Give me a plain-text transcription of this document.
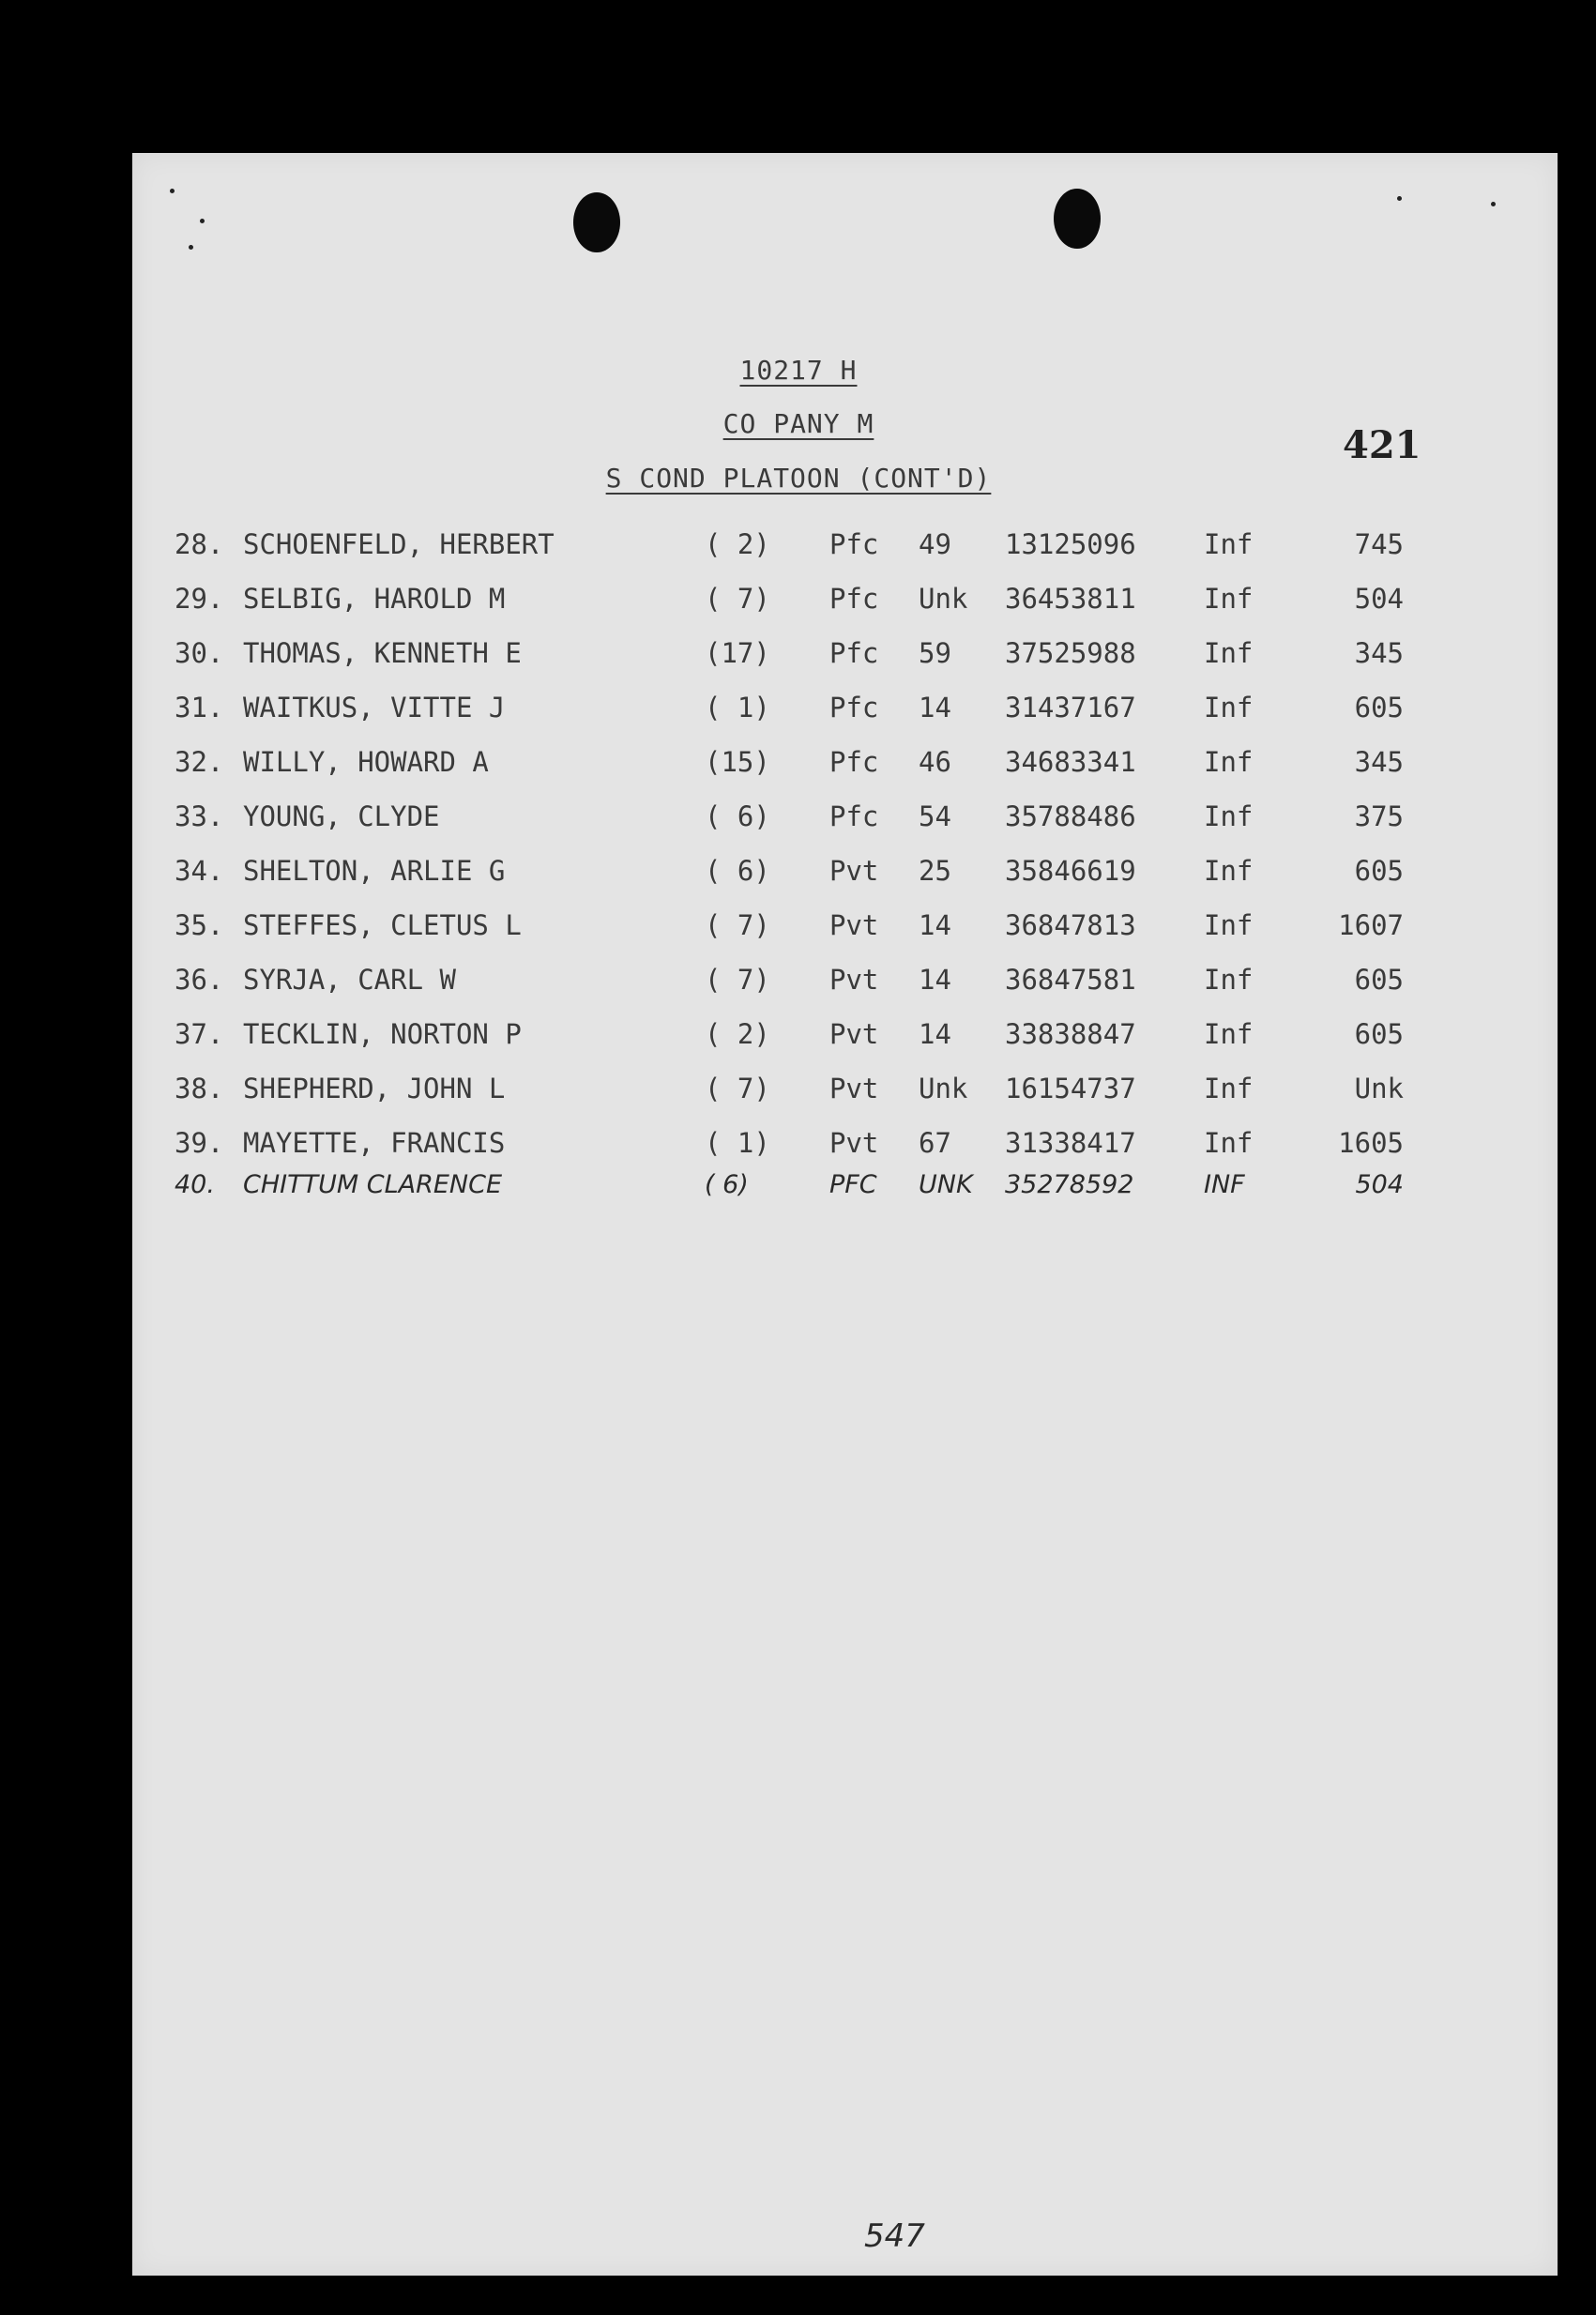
10217 H
CO PANY M
S COND PLATOON (CONT'D)
421
28. SCHOENFELD, HERBERT	( 2) Pfc 49 13125096 Inf	745
29. SELBIG, HAROLD M	( 7) Pfc Unk 36453811 Inf	504
30. THOMAS, KENNETH E	(17) Pfc 59 37525988 Inf	345
31. WAITKUS, VITTE J	( 1) Pfc 14 31437167 Inf	605
32. WILLY, HOWARD A	(15) Pfc 46 34683341 Inf	345
33. YOUNG, CLYDE	( 6) Pfc 54 35788486 Inf	375
34. SHELTON, ARLIE G	( 6) Pvt 25 35846619 Inf	605
35. STEFFES, CLETUS L	( 7) Pvt 14 36847813 Inf	1607
36. SYRJA, CARL W	( 7) Pvt 14 36847581 Inf	605
37. TECKLIN, NORTON P	( 2) Pvt 14 33838847 Inf	605
38. SHEPHERD, JOHN L	( 7) Pvt Unk 16154737 Inf	Unk
39. MAYETTE, FRANCIS	( 1) Pvt 67 31338417 Inf	1605
40. CHITTUM CLARENCE	( 6)	PFC UNK 35278592	INF	504
547
